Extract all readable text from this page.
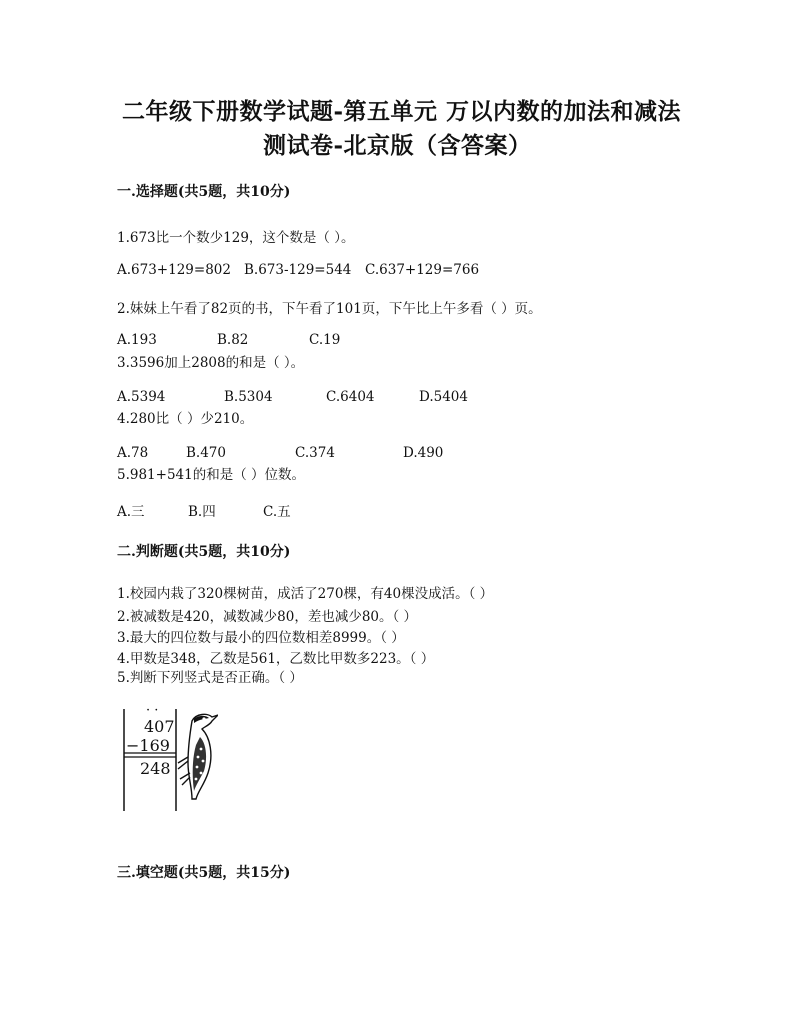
二年级下册数学试题-第五单元 万以内数的加法和减法
测试卷-北京版（含答案）
一.选择题(共5题，共10分)
1.673比一个数少129，这个数是（ ）。
A.673+129=802 B.673-129=544 C.637+129=766
2.妹妹上午看了82页的书，下午看了101页，下午比上午多看（ ）页。
A.193	B.82	C.19
3.3596加上2808的和是（ ）。
A.5394	B.5304	C.6404	D.5404
4.280比（ ）少210。
A.78	B.470	C.374	D.490
5.981+541的和是（ ）位数。
A.三	B.四	C.五
二.判断题(共5题，共10分)
1.校园内栽了320棵树苗，成活了270棵，有40棵没成活。（ ）
2.被减数是420，减数减少80，差也减少80。（ ）
3.最大的四位数与最小的四位数相差8999。（ ）
4.甲数是348，乙数是561，乙数比甲数多223。（ ）
5.判断下列竖式是否正确。（ ）
· ·
407
−169
248
三.填空题(共5题，共15分)
